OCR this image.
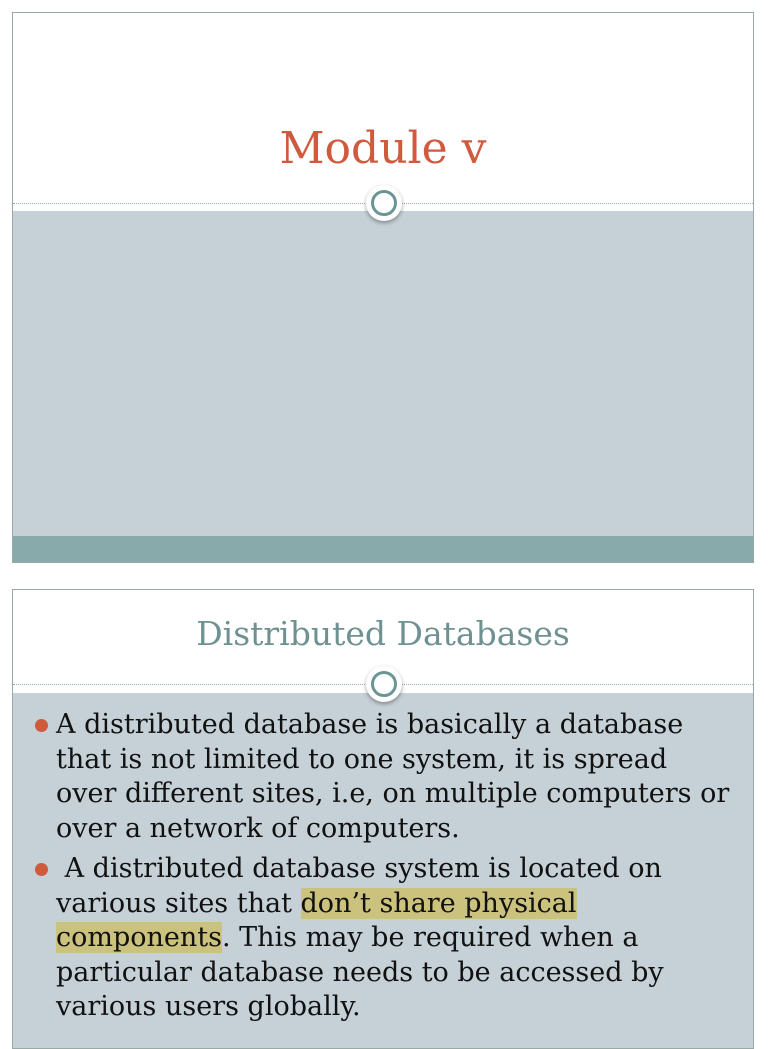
Module v
Distributed Databases
A distributed database is basically a database that is not limited to one system, it is spread over different sites, i.e, on multiple computers or over a network of computers.
A distributed database system is located on various sites that don’t share physical components. This may be required when a particular database needs to be accessed by various users globally.
